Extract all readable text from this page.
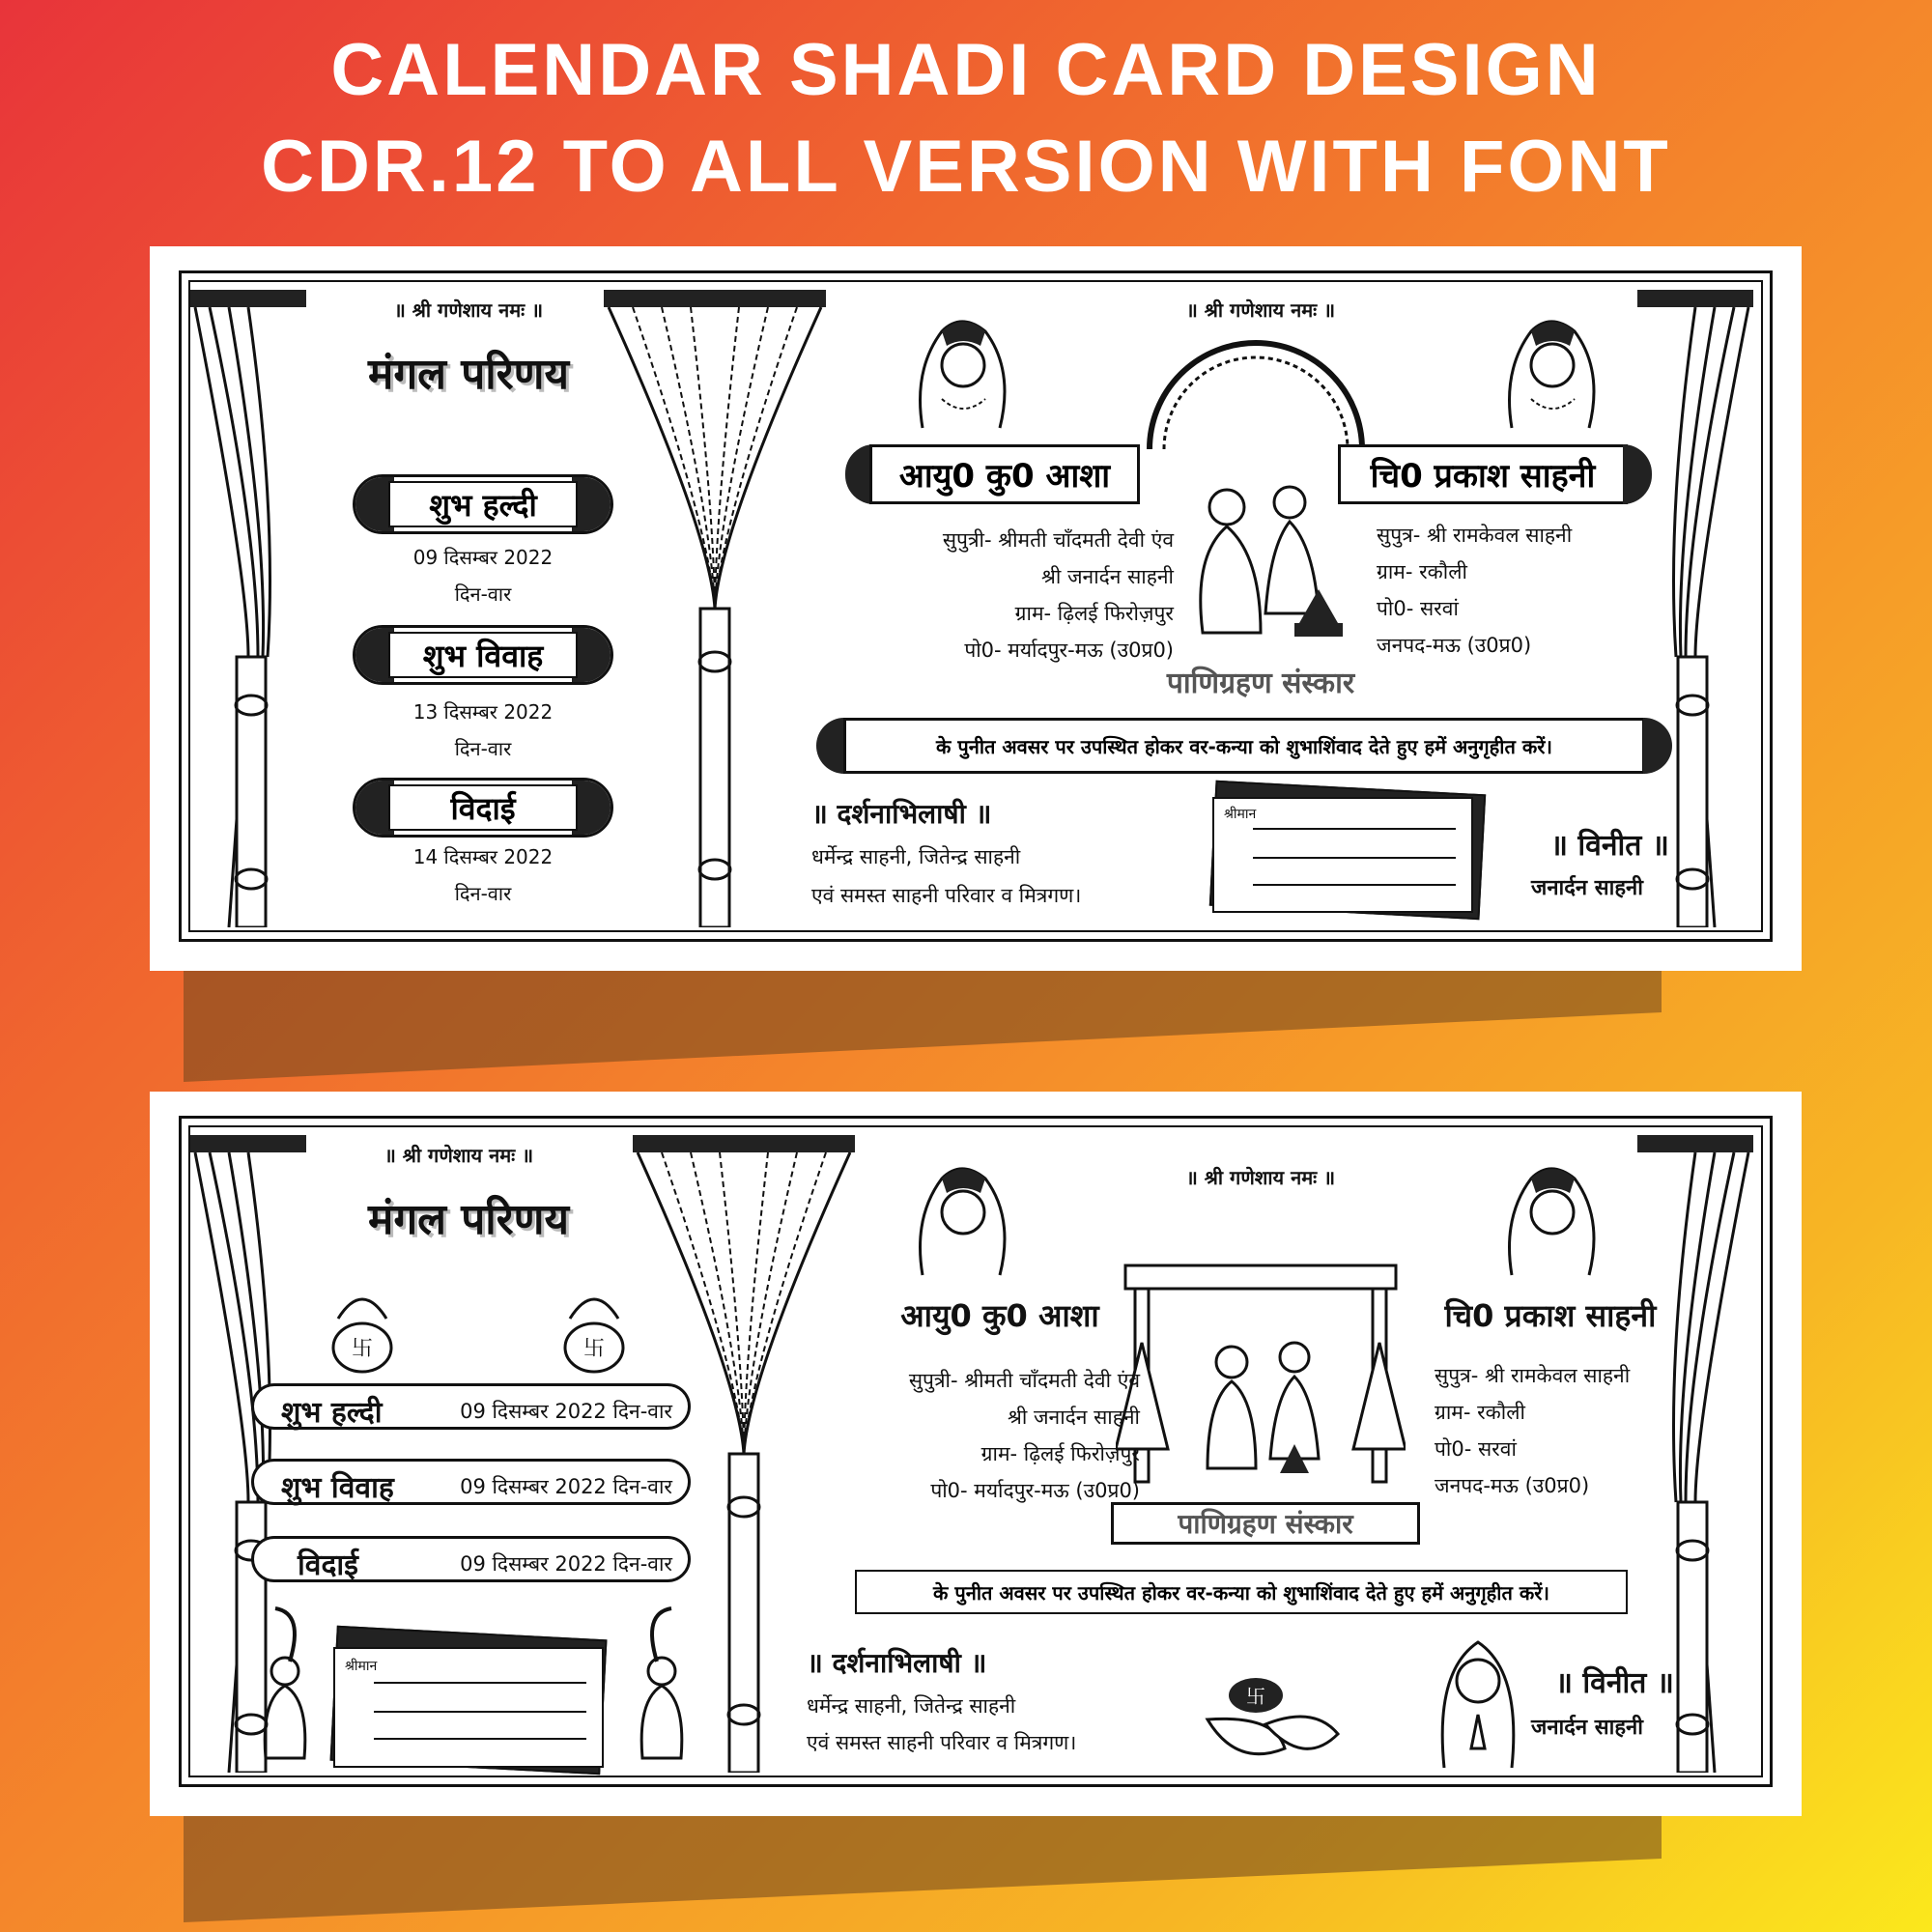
CALENDAR SHADI CARD DESIGN
CDR.12 TO ALL VERSION WITH FONT
॥ श्री गणेशाय नमः ॥
मंगल परिणय
शुभ हल्दी
09 दिसम्बर 2022
दिन-वार
शुभ विवाह
13 दिसम्बर 2022
दिन-वार
विदाई
14 दिसम्बर 2022
दिन-वार
॥ श्री गणेशाय नमः ॥
आयु0 कु0 आशा	चि0 प्रकाश साहनी
सुपुत्री- श्रीमती चाँदमती देवी एंव
श्री जनार्दन साहनी
ग्राम- ढ़िलई फिरोज़पुर
पो0- मर्यादपुर-मऊ (उ0प्र0)
सुपुत्र- श्री रामकेवल साहनी
ग्राम- रकौली
पो0- सरवां
जनपद-मऊ (उ0प्र0)
पाणिग्रहण संस्कार
के पुनीत अवसर पर उपस्थित होकर वर-कन्या को शुभाशिंवाद देते हुए हमें अनुगृहीत करें।
॥ दर्शनाभिलाषी ॥
धर्मेन्द्र साहनी, जितेन्द्र साहनी
एवं समस्त साहनी परिवार व मित्रगण।
श्रीमान
॥ विनीत ॥
जनार्दन साहनी
॥ श्री गणेशाय नमः ॥
मंगल परिणय
卐	卐
शुभ हल्दी	09 दिसम्बर 2022 दिन-वार
शुभ विवाह	09 दिसम्बर 2022 दिन-वार
विदाई	09 दिसम्बर 2022 दिन-वार
श्रीमान
॥ श्री गणेशाय नमः ॥
आयु0 कु0 आशा	चि0 प्रकाश साहनी
सुपुत्री- श्रीमती चाँदमती देवी एंव
श्री जनार्दन साहनी
ग्राम- ढ़िलई फिरोज़पुर
पो0- मर्यादपुर-मऊ (उ0प्र0)
सुपुत्र- श्री रामकेवल साहनी
ग्राम- रकौली
पो0- सरवां
जनपद-मऊ (उ0प्र0)
पाणिग्रहण संस्कार
के पुनीत अवसर पर उपस्थित होकर वर-कन्या को शुभाशिंवाद देते हुए हमें अनुगृहीत करें।
॥ दर्शनाभिलाषी ॥
धर्मेन्द्र साहनी, जितेन्द्र साहनी
एवं समस्त साहनी परिवार व मित्रगण।
卐	॥ विनीत ॥
जनार्दन साहनी
